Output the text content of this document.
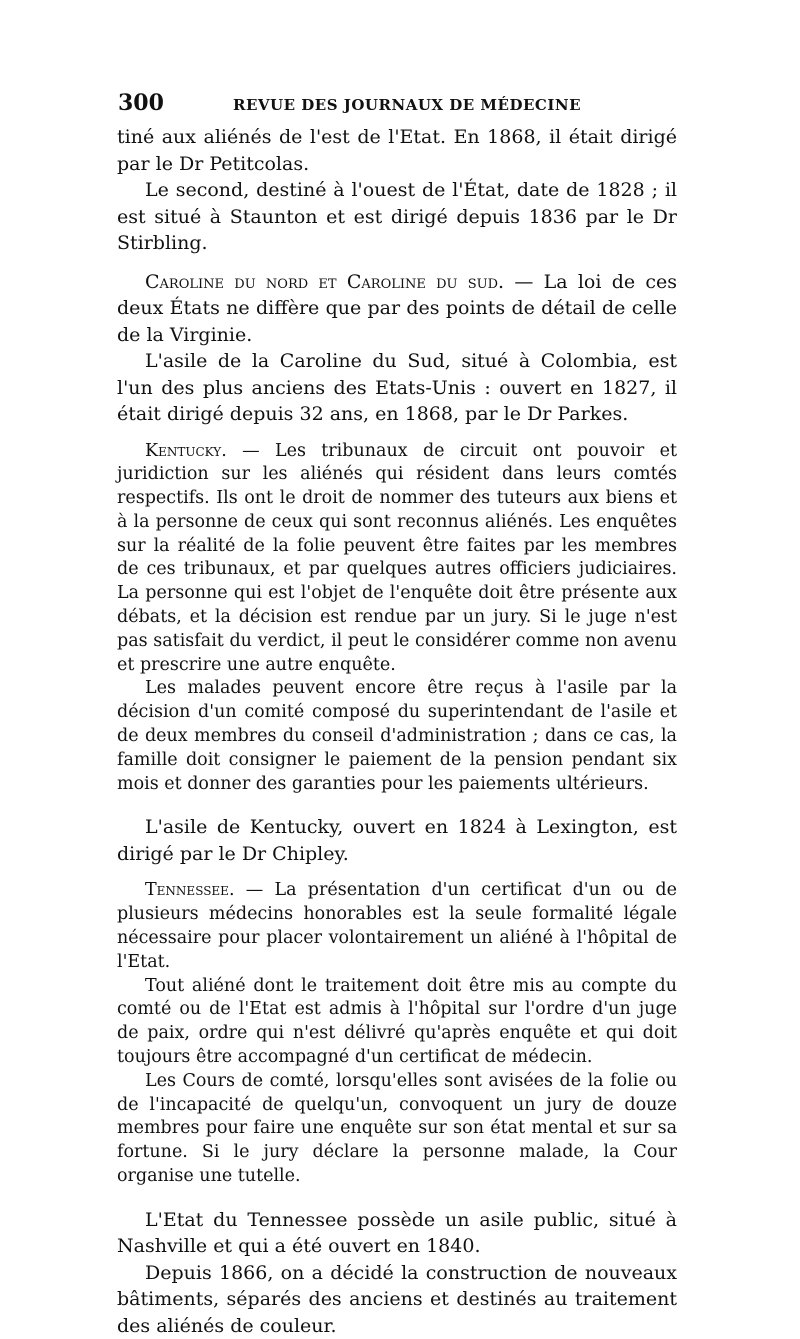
300	REVUE DES JOURNAUX DE MÉDECINE

tiné aux aliénés de l'est de l'Etat. En 1868, il était dirigé par le Dr Petitcolas.

Le second, destiné à l'ouest de l'État, date de 1828 ; il est situé à Staunton et est dirigé depuis 1836 par le Dr Stirbling.

Caroline du nord et Caroline du sud. — La loi de ces deux États ne diffère que par des points de détail de celle de la Virginie.

L'asile de la Caroline du Sud, situé à Colombia, est l'un des plus anciens des Etats-Unis : ouvert en 1827, il était dirigé depuis 32 ans, en 1868, par le Dr Parkes.

Kentucky. — Les tribunaux de circuit ont pouvoir et juridiction sur les aliénés qui résident dans leurs comtés respectifs. Ils ont le droit de nommer des tuteurs aux biens et à la personne de ceux qui sont reconnus aliénés. Les enquêtes sur la réalité de la folie peuvent être faites par les membres de ces tribunaux, et par quelques autres officiers judiciaires. La personne qui est l'objet de l'enquête doit être présente aux débats, et la décision est rendue par un jury. Si le juge n'est pas satisfait du verdict, il peut le considérer comme non avenu et prescrire une autre enquête.

Les malades peuvent encore être reçus à l'asile par la décision d'un comité composé du superintendant de l'asile et de deux membres du conseil d'administration ; dans ce cas, la famille doit consigner le paiement de la pension pendant six mois et donner des garanties pour les paiements ultérieurs.

L'asile de Kentucky, ouvert en 1824 à Lexington, est dirigé par le Dr Chipley.

Tennessee. — La présentation d'un certificat d'un ou de plusieurs médecins honorables est la seule formalité légale nécessaire pour placer volontairement un aliéné à l'hôpital de l'Etat.

Tout aliéné dont le traitement doit être mis au compte du comté ou de l'Etat est admis à l'hôpital sur l'ordre d'un juge de paix, ordre qui n'est délivré qu'après enquête et qui doit toujours être accompagné d'un certificat de médecin.

Les Cours de comté, lorsqu'elles sont avisées de la folie ou de l'incapacité de quelqu'un, convoquent un jury de douze membres pour faire une enquête sur son état mental et sur sa fortune. Si le jury déclare la personne malade, la Cour organise une tutelle.

L'Etat du Tennessee possède un asile public, situé à Nashville et qui a été ouvert en 1840.

Depuis 1866, on a décidé la construction de nouveaux bâtiments, séparés des anciens et destinés au traitement des aliénés de couleur.
